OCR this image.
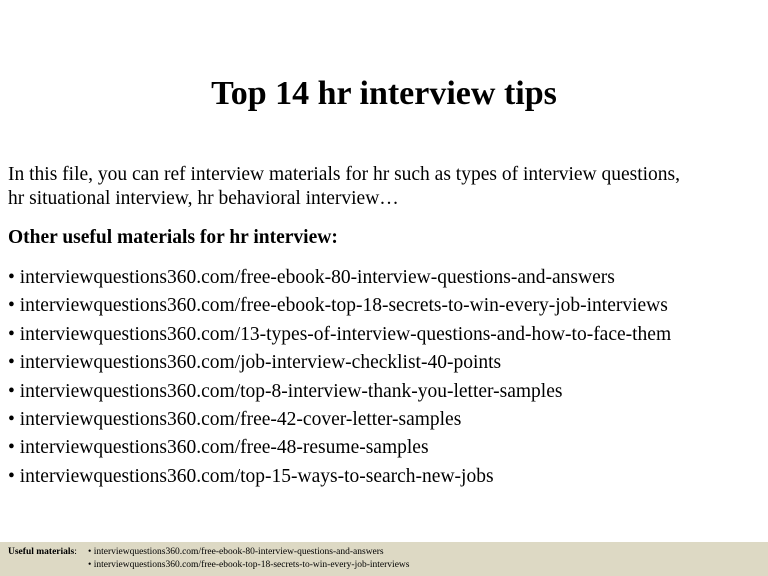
Top 14 hr interview tips

In this file, you can ref interview materials for hr such as types of interview questions,
hr situational interview, hr behavioral interview…

Other useful materials for hr interview:
• interviewquestions360.com/free-ebook-80-interview-questions-and-answers
• interviewquestions360.com/free-ebook-top-18-secrets-to-win-every-job-interviews
• interviewquestions360.com/13-types-of-interview-questions-and-how-to-face-them
• interviewquestions360.com/job-interview-checklist-40-points
• interviewquestions360.com/top-8-interview-thank-you-letter-samples
• interviewquestions360.com/free-42-cover-letter-samples
• interviewquestions360.com/free-48-resume-samples
• interviewquestions360.com/top-15-ways-to-search-new-jobs
Useful materials: • interviewquestions360.com/free-ebook-80-interview-questions-and-answers
• interviewquestions360.com/free-ebook-top-18-secrets-to-win-every-job-interviews
